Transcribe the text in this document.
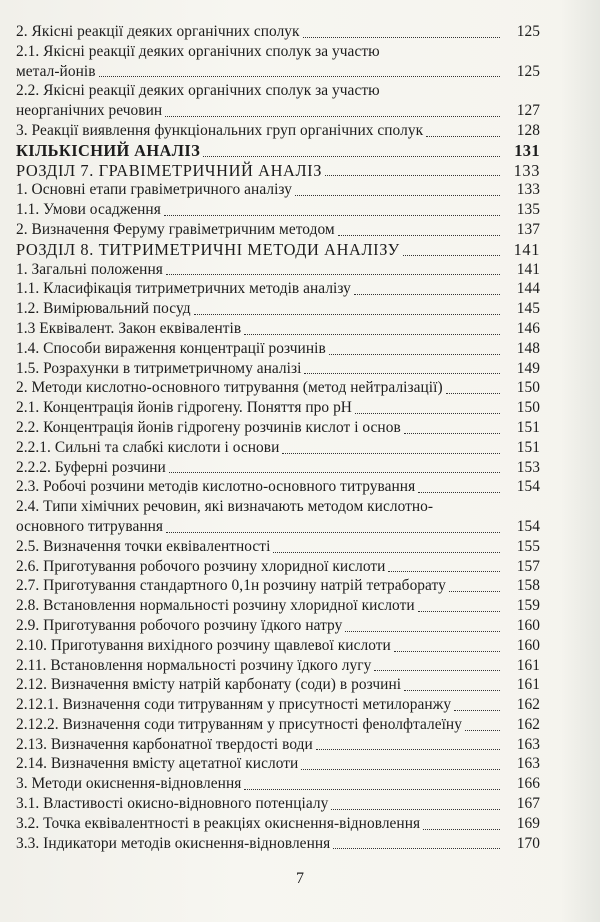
2. Якісні реакції деяких органічних сполук	125
2.1. Якісні реакції деяких органічних сполук за участю
метал-йонів	125
2.2. Якісні реакції деяких органічних сполук за участю
неорганічних речовин	127
3. Реакції виявлення функціональних груп органічних сполук	128
КІЛЬКІСНИЙ АНАЛІЗ	131
РОЗДІЛ 7. ГРАВІМЕТРИЧНИЙ АНАЛІЗ	133
1. Основні етапи гравіметричного аналізу	133
1.1. Умови осадження	135
2. Визначення Феруму гравіметричним методом	137
РОЗДІЛ 8. ТИТРИМЕТРИЧНІ МЕТОДИ АНАЛІЗУ	141
1. Загальні положення	141
1.1. Класифікація титриметричних методів аналізу	144
1.2. Вимірювальний посуд	145
1.3 Еквівалент. Закон еквівалентів	146
1.4. Способи вираження концентрації розчинів	148
1.5. Розрахунки в титриметричному аналізі	149
2. Методи кислотно-основного титрування (метод нейтралізації)	150
2.1. Концентрація йонів гідрогену. Поняття про рН	150
2.2. Концентрація йонів гідрогену розчинів кислот і основ	151
2.2.1. Сильні та слабкі кислоти і основи	151
2.2.2. Буферні розчини	153
2.3. Робочі розчини методів кислотно-основного титрування	154
2.4. Типи хімічних речовин, які визначають методом кислотно-
основного титрування	154
2.5. Визначення точки еквівалентності	155
2.6. Приготування робочого розчину хлоридної кислоти	157
2.7. Приготування стандартного 0,1н розчину натрій тетраборату	158
2.8. Встановлення нормальності розчину хлоридної кислоти	159
2.9. Приготування робочого розчину їдкого натру	160
2.10. Приготування вихідного розчину щавлевої кислоти	160
2.11. Встановлення нормальності розчину їдкого лугу	161
2.12. Визначення вмісту натрій карбонату (соди) в розчині	161
2.12.1. Визначення соди титруванням у присутності метилоранжу	162
2.12.2. Визначення соди титруванням у присутності фенолфталеїну	162
2.13. Визначення карбонатної твердості води	163
2.14. Визначення вмісту ацетатної кислоти	163
3. Методи окиснення-відновлення	166
3.1. Властивості окисно-відновного потенціалу	167
3.2. Точка еквівалентності в реакціях окиснення-відновлення	169
3.3. Індикатори методів окиснення-відновлення	170
7
